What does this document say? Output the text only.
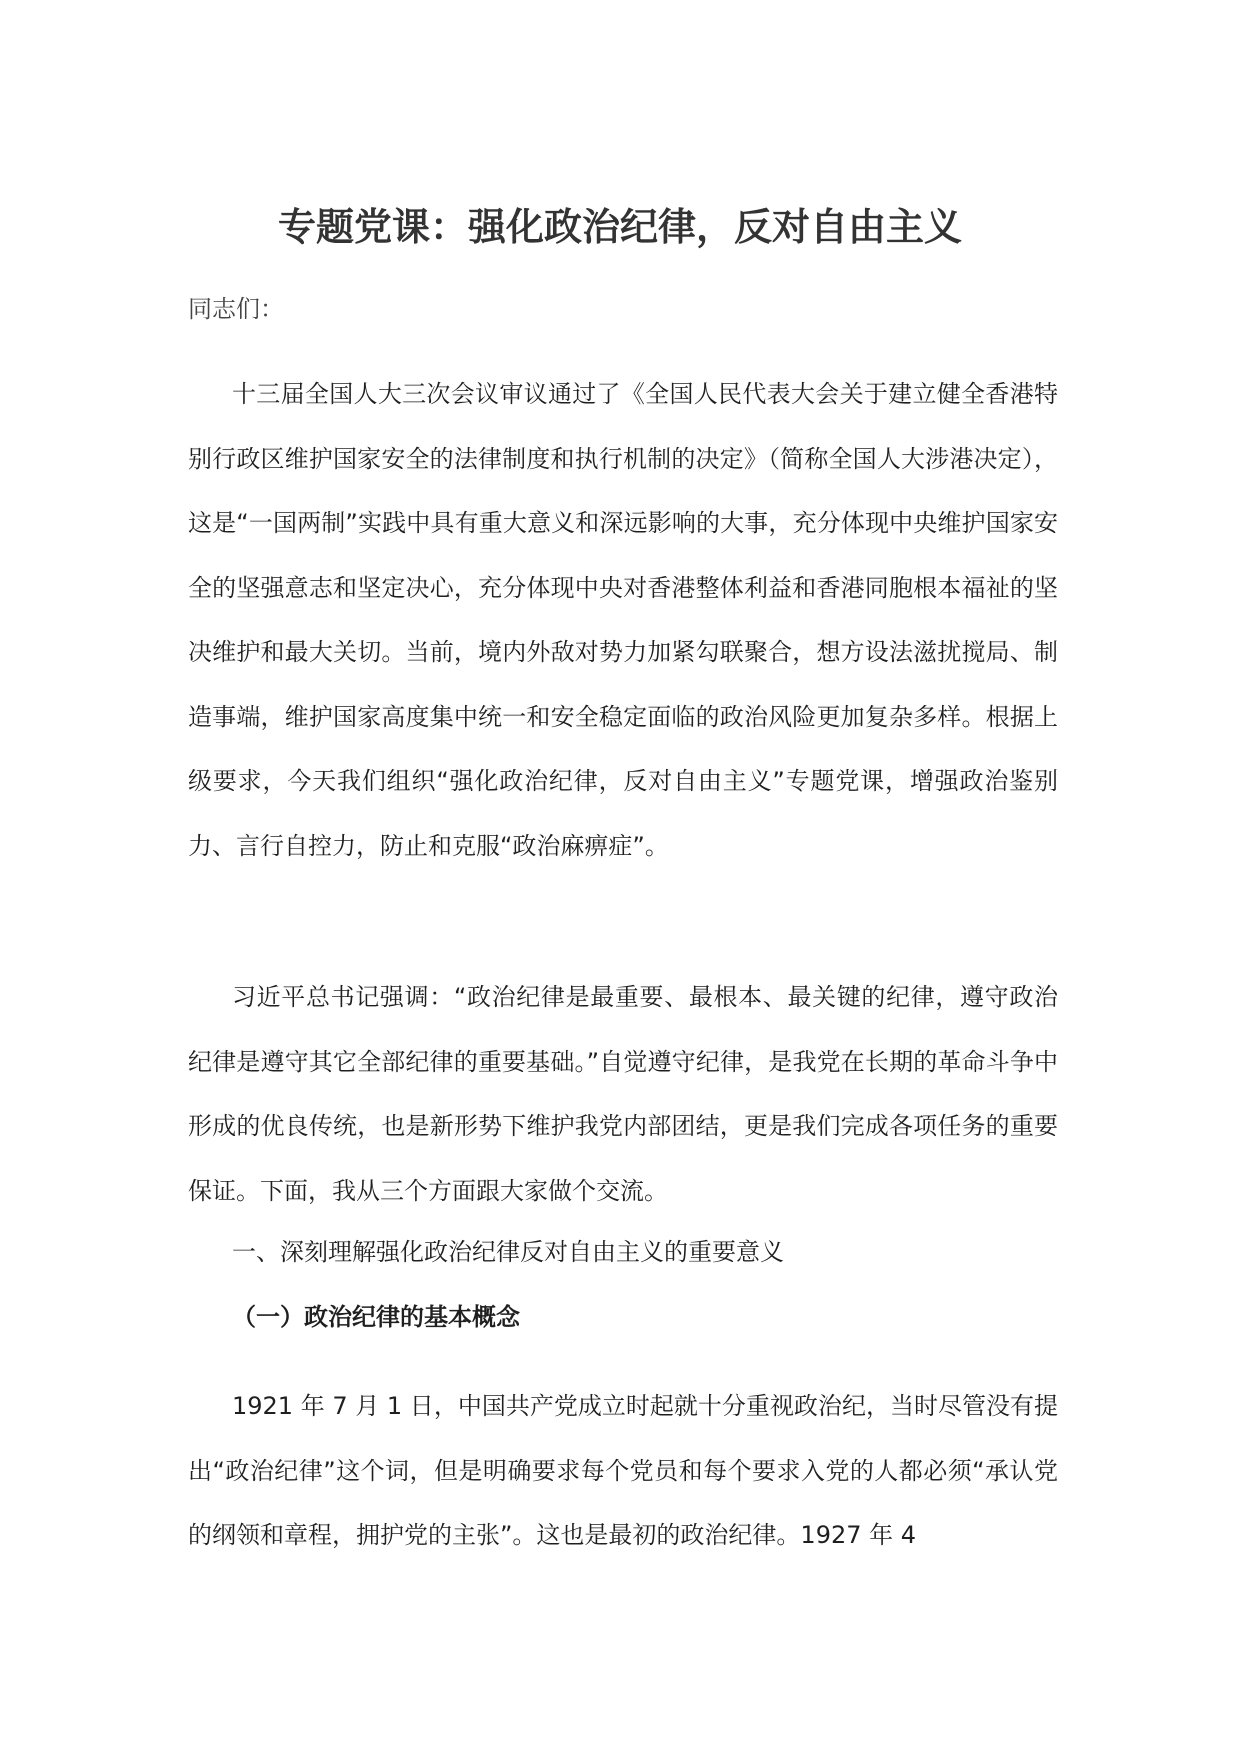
专题党课：强化政治纪律，反对自由主义

同志们：

十三届全国人大三次会议审议通过了《全国人民代表大会关于建立健全香港特别行政区维护国家安全的法律制度和执行机制的决定》（简称全国人大涉港决定），这是“一国两制”实践中具有重大意义和深远影响的大事，充分体现中央维护国家安全的坚强意志和坚定决心，充分体现中央对香港整体利益和香港同胞根本福祉的坚决维护和最大关切。当前，境内外敌对势力加紧勾联聚合，想方设法滋扰搅局、制造事端，维护国家高度集中统一和安全稳定面临的政治风险更加复杂多样。根据上级要求，今天我们组织“强化政治纪律，反对自由主义”专题党课，增强政治鉴别力、言行自控力，防止和克服“政治麻痹症”。

习近平总书记强调：“政治纪律是最重要、最根本、最关键的纪律，遵守政治纪律是遵守其它全部纪律的重要基础。”自觉遵守纪律，是我党在长期的革命斗争中形成的优良传统，也是新形势下维护我党内部团结，更是我们完成各项任务的重要保证。下面，我从三个方面跟大家做个交流。

一、深刻理解强化政治纪律反对自由主义的重要意义

（一）政治纪律的基本概念

1921 年 7 月 1 日，中国共产党成立时起就十分重视政治纪，当时尽管没有提出“政治纪律”这个词，但是明确要求每个党员和每个要求入党的人都必须“承认党的纲领和章程，拥护党的主张”。这也是最初的政治纪律。1927 年 4
